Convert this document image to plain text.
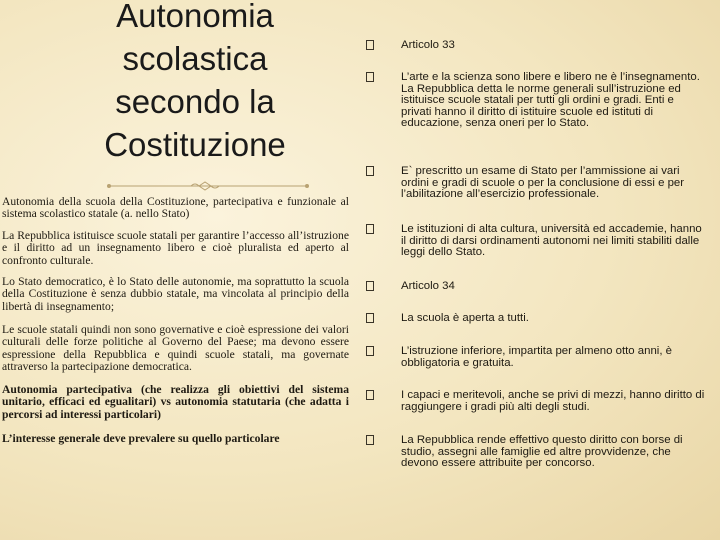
Autonomia
scolastica
secondo la
Costituzione

Autonomia della scuola della Costituzione, partecipativa e funzionale al sistema scolastico statale (a. nello Stato)

La Repubblica istituisce scuole statali per garantire l’accesso all’istruzione e il diritto ad un insegnamento libero e cioè pluralista ed aperto al confronto culturale.

Lo Stato democratico, è lo Stato delle autonomie, ma soprattutto la scuola della Costituzione è senza dubbio statale, ma vincolata al principio della libertà di insegnamento;

Le scuole statali quindi non sono governative e cioè espressione dei valori culturali delle forze politiche al Governo del Paese; ma devono essere espressione della Repubblica e quindi scuole statali, ma governate attraverso la partecipazione democratica.

Autonomia partecipativa (che realizza gli obiettivi del sistema unitario, efficaci ed egualitari) vs autonomia statutaria (che adatta i percorsi ad interessi particolari)

L’interesse generale deve prevalere su quello particolare

Articolo 33
L’arte e la scienza sono libere e libero ne è l’insegnamento. La Repubblica detta le norme generali sull’istruzione ed istituisce scuole statali per tutti gli ordini e gradi. Enti e privati hanno il diritto di istituire scuole ed istituti di educazione, senza oneri per lo Stato.
E` prescritto un esame di Stato per l’ammissione ai vari ordini e gradi di scuole o per la conclusione di essi e per l’abilitazione all’esercizio professionale.
Le istituzioni di alta cultura, università ed accademie, hanno il diritto di darsi ordinamenti autonomi nei limiti stabiliti dalle leggi dello Stato.
Articolo 34
La scuola è aperta a tutti.
L’istruzione inferiore, impartita per almeno otto anni, è obbligatoria e gratuita.
I capaci e meritevoli, anche se privi di mezzi, hanno diritto di raggiungere i gradi più alti degli studi.
La Repubblica rende effettivo questo diritto con borse di studio, assegni alle famiglie ed altre provvidenze, che devono essere attribuite per concorso.
